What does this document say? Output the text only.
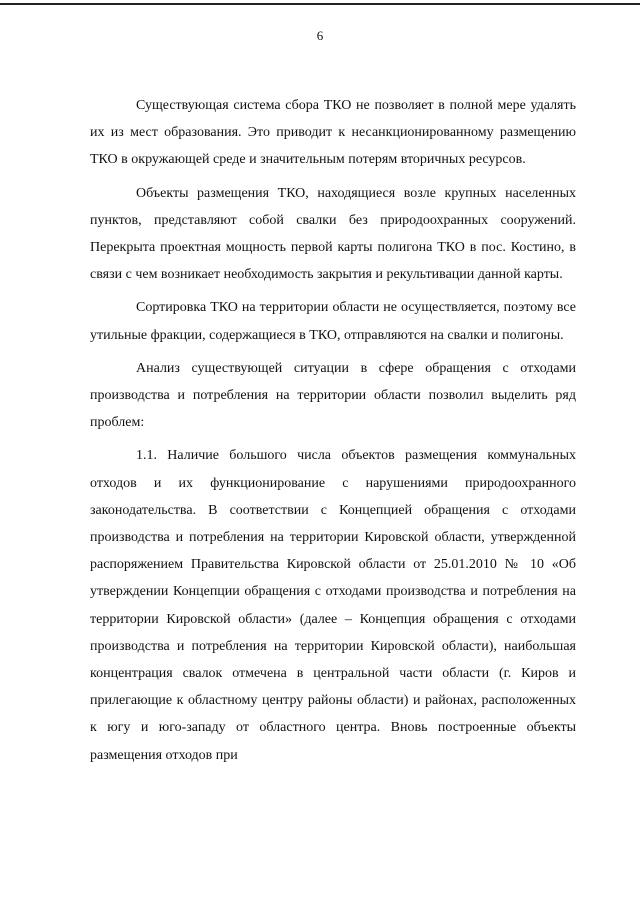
6

Существующая система сбора ТКО не позволяет в полной мере удалять их из мест образования. Это приводит к несанкционированному размещению ТКО в окружающей среде и значительным потерям вторичных ресурсов.

Объекты размещения ТКО, находящиеся возле крупных населенных пунктов, представляют собой свалки без природоохранных сооружений. Перекрыта проектная мощность первой карты полигона ТКО в пос. Костино, в связи с чем возникает необходимость закрытия и рекультивации данной карты.

Сортировка ТКО на территории области не осуществляется, поэтому все утильные фракции, содержащиеся в ТКО, отправляются на свалки и полигоны.

Анализ существующей ситуации в сфере обращения с отходами производства и потребления на территории области позволил выделить ряд проблем:

1.1. Наличие большого числа объектов размещения коммунальных отходов и их функционирование с нарушениями природоохранного законодательства. В соответствии с Концепцией обращения с отходами производства и потребления на территории Кировской области, утвержденной распоряжением Правительства Кировской области от 25.01.2010 № 10 «Об утверждении Концепции обращения с отходами производства и потребления на территории Кировской области» (далее – Концепция обращения с отходами производства и потребления на территории Кировской области), наибольшая концентрация свалок отмечена в центральной части области (г. Киров и прилегающие к областному центру районы области) и районах, расположенных к югу и юго-западу от областного центра. Вновь построенные объекты размещения отходов при
